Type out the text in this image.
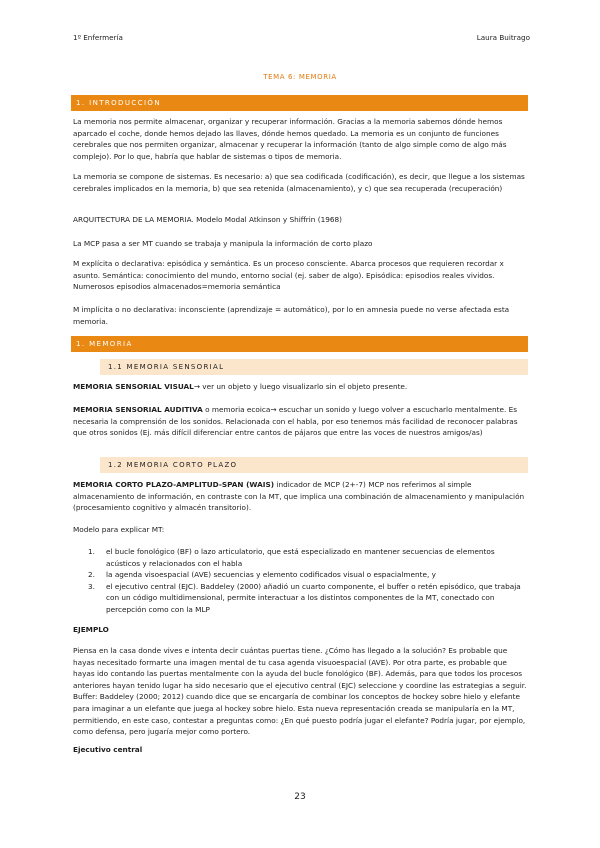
1º Enfermería	Laura Buitrago
TEMA 6: MEMORIA
1. INTRODUCCIÓN
La memoria nos permite almacenar, organizar y recuperar información. Gracias a la memoria sabemos dónde hemos aparcado el coche, donde hemos dejado las llaves, dónde hemos quedado. La memoria es un conjunto de funciones cerebrales que nos permiten organizar, almacenar y recuperar la información (tanto de algo simple como de algo más complejo). Por lo que, habría que hablar de sistemas o tipos de memoria.
La memoria se compone de sistemas. Es necesario: a) que sea codificada (codificación), es decir, que llegue a los sistemas cerebrales implicados en la memoria, b) que sea retenida (almacenamiento), y c) que sea recuperada (recuperación)
ARQUITECTURA DE LA MEMORIA. Modelo Modal Atkinson y Shiffrin (1968)
La MCP pasa a ser MT cuando se trabaja y manipula la información de corto plazo
M explícita o declarativa: episódica y semántica. Es un proceso consciente. Abarca procesos que requieren recordar x asunto. Semántica: conocimiento del mundo, entorno social (ej. saber de algo). Episódica: episodios reales vividos. Numerosos episodios almacenados=memoria semántica
M implícita o no declarativa: inconsciente (aprendizaje = automático), por lo en amnesia puede no verse afectada esta memoria.
1. MEMORIA
1.1 MEMORIA SENSORIAL
MEMORIA SENSORIAL VISUAL→ ver un objeto y luego visualizarlo sin el objeto presente.
MEMORIA SENSORIAL AUDITIVA o memoria ecoica→ escuchar un sonido y luego volver a escucharlo mentalmente. Es necesaria la comprensión de los sonidos. Relacionada con el habla, por eso tenemos más facilidad de reconocer palabras que otros sonidos (Ej. más difícil diferenciar entre cantos de pájaros que entre las voces de nuestros amigos/as)
1.2 MEMORIA CORTO PLAZO
MEMORIA CORTO PLAZO-AMPLITUD-SPAN (WAIS) indicador de MCP (2+-7) MCP nos referimos al simple almacenamiento de información, en contraste con la MT, que implica una combinación de almacenamiento y manipulación (procesamiento cognitivo y almacén transitorio).
Modelo para explicar MT:
1. el bucle fonológico (BF) o lazo articulatorio, que está especializado en mantener secuencias de elementos acústicos y relacionados con el habla
2. la agenda visoespacial (AVE) secuencias y elemento codificados visual o espacialmente, y
3. el ejecutivo central (EJC). Baddeley (2000) añadió un cuarto componente, el buffer o retén episódico, que trabaja con un código multidimensional, permite interactuar a los distintos componentes de la MT, conectado con percepción como con la MLP
EJEMPLO
Piensa en la casa donde vives e intenta decir cuántas puertas tiene. ¿Cómo has llegado a la solución? Es probable que hayas necesitado formarte una imagen mental de tu casa agenda visuoespacial (AVE). Por otra parte, es probable que hayas ido contando las puertas mentalmente con la ayuda del bucle fonológico (BF). Además, para que todos los procesos anteriores hayan tenido lugar ha sido necesario que el ejecutivo central (EJC) seleccione y coordine las estrategias a seguir. Buffer: Baddeley (2000; 2012) cuando dice que se encargaría de combinar los conceptos de hockey sobre hielo y elefante para imaginar a un elefante que juega al hockey sobre hielo. Esta nueva representación creada se manipularía en la MT, permitiendo, en este caso, contestar a preguntas como: ¿En qué puesto podría jugar el elefante? Podría jugar, por ejemplo, como defensa, pero jugaría mejor como portero.
Ejecutivo central
23
